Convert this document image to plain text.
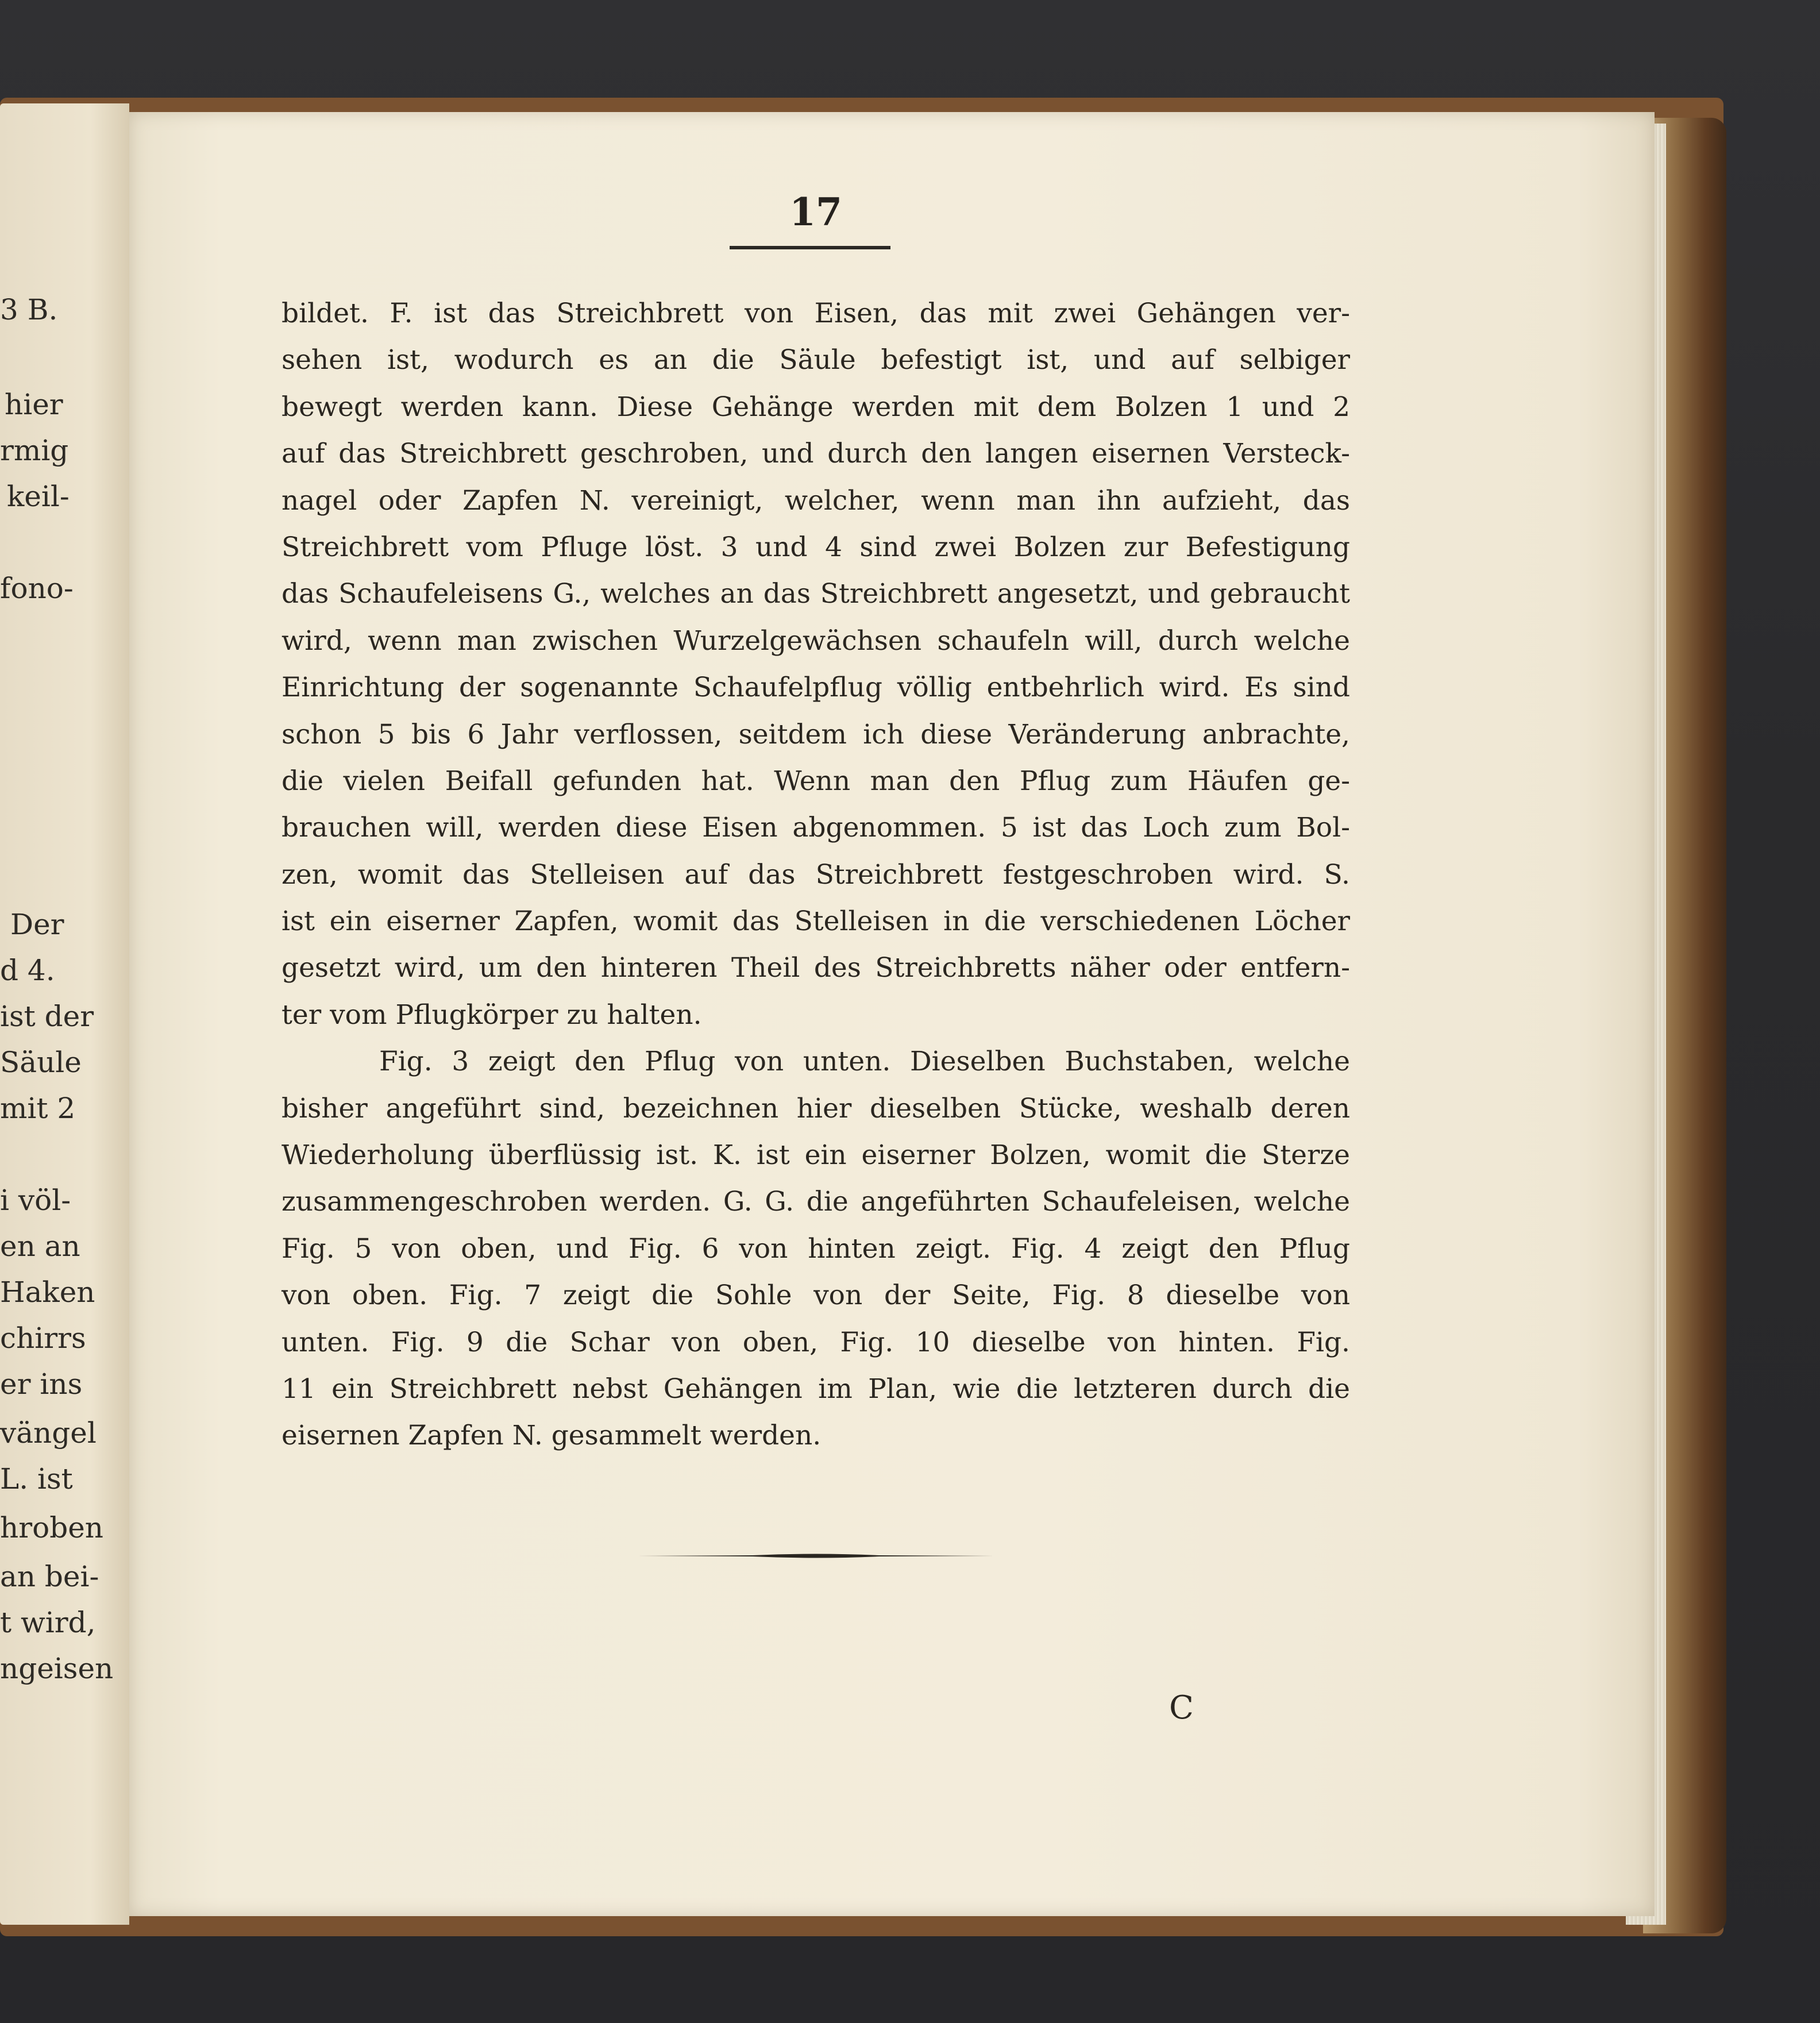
3 B.
hier
rmig
keil-
fono-
Der
d 4.
ist der
Säule
mit 2
i völ-
en an
Haken
chirrs
er ins
vängel
L. ist
hroben
an bei-
t wird,
ngeisen
17
bildet. F. ist das Streichbrett von Eisen, das mit zwei Gehängen ver-
sehen ist, wodurch es an die Säule befestigt ist, und auf selbiger
bewegt werden kann. Diese Gehänge werden mit dem Bolzen 1 und 2
auf das Streichbrett geschroben, und durch den langen eisernen Versteck-
nagel oder Zapfen N. vereinigt, welcher, wenn man ihn aufzieht, das
Streichbrett vom Pfluge löst. 3 und 4 sind zwei Bolzen zur Befestigung
das Schaufeleisens G., welches an das Streichbrett angesetzt, und gebraucht
wird, wenn man zwischen Wurzelgewächsen schaufeln will, durch welche
Einrichtung der sogenannte Schaufelpflug völlig entbehrlich wird. Es sind
schon 5 bis 6 Jahr verflossen, seitdem ich diese Veränderung anbrachte,
die vielen Beifall gefunden hat. Wenn man den Pflug zum Häufen ge-
brauchen will, werden diese Eisen abgenommen. 5 ist das Loch zum Bol-
zen, womit das Stelleisen auf das Streichbrett festgeschroben wird. S.
ist ein eiserner Zapfen, womit das Stelleisen in die verschiedenen Löcher
gesetzt wird, um den hinteren Theil des Streichbretts näher oder entfern-
ter vom Pflugkörper zu halten.
Fig. 3 zeigt den Pflug von unten. Dieselben Buchstaben, welche
bisher angeführt sind, bezeichnen hier dieselben Stücke, weshalb deren
Wiederholung überflüssig ist. K. ist ein eiserner Bolzen, womit die Sterze
zusammengeschroben werden. G. G. die angeführten Schaufeleisen, welche
Fig. 5 von oben, und Fig. 6 von hinten zeigt. Fig. 4 zeigt den Pflug
von oben. Fig. 7 zeigt die Sohle von der Seite, Fig. 8 dieselbe von
unten. Fig. 9 die Schar von oben, Fig. 10 dieselbe von hinten. Fig.
11 ein Streichbrett nebst Gehängen im Plan, wie die letzteren durch die
eisernen Zapfen N. gesammelt werden.
C
